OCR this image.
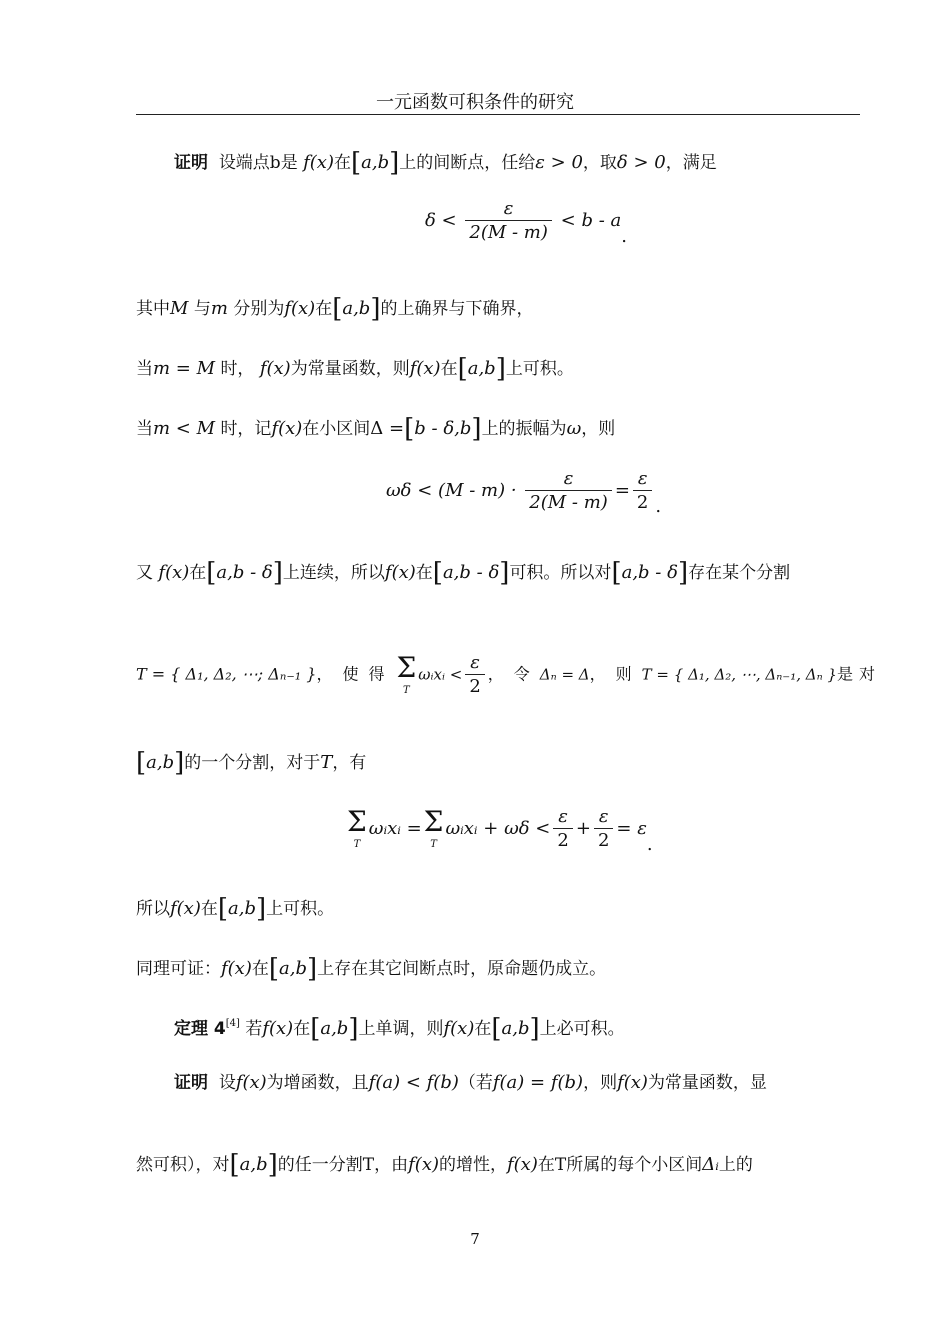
一元函数可积条件的研究
证明 设端点b是 f(x)在[a,b]上的间断点，任给ε > 0，取δ > 0，满足
$\delta < \frac{\varepsilon}{2(M - m)} < b - a$.
其中M 与m 分别为f(x)在[a,b]的上确界与下确界，
当m = M 时， f(x)为常量函数，则f(x)在[a,b]上可积。
当m < M 时，记f(x)在小区间Δ =[b - δ,b]上的振幅为ω，则
$\omega\delta < (M - m) \cdot \frac{\varepsilon}{2(M - m)} = \frac{\varepsilon}{2}$ .
又 f(x)在[a,b - δ]上连续，所以f(x)在[a,b - δ]可积。所以对[a,b - δ]存在某个分割
T = { Δ₁, Δ₂, ⋯; Δₙ₋₁ }，使得 Σ
T
ωᵢxᵢ < $\frac{\varepsilon}{2}$ ，令Δₙ = Δ，则T = { Δ₁, Δ₂, ⋯, Δₙ₋₁, Δₙ }是对
[a,b]的一个分割，对于T，有
Σ
T
ωᵢxᵢ = Σ
T
ωᵢxᵢ + $\omega\delta < \frac{\varepsilon}{2} + \frac{\varepsilon}{2} = \varepsilon$.
所以f(x)在[a,b]上可积。
同理可证：f(x)在[a,b]上存在其它间断点时，原命题仍成立。
定理 4[4] 若f(x)在[a,b]上单调，则f(x)在[a,b]上必可积。
证明 设f(x)为增函数，且f(a) < f(b)（若f(a) = f(b)，则f(x)为常量函数，显
然可积），对[a,b]的任一分割T，由f(x)的增性，f(x)在T所属的每个小区间Δᵢ上的
7
